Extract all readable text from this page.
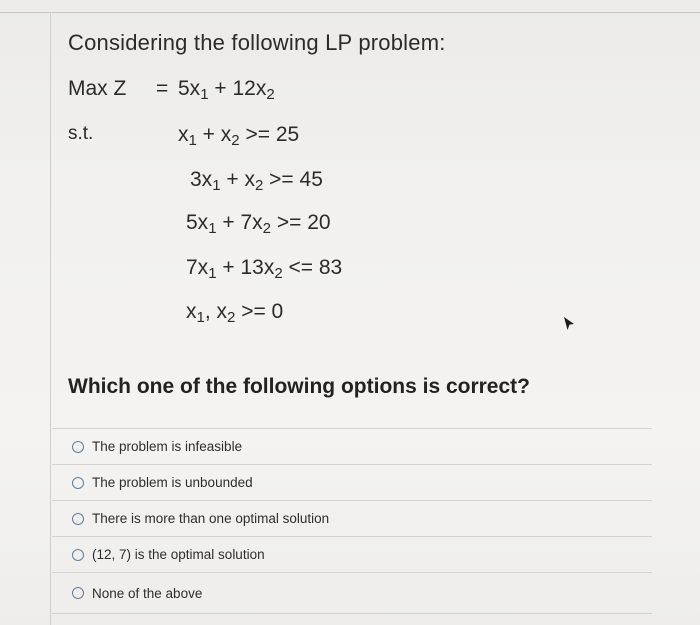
Considering the following LP problem:
Max $Z = 5x_1 + 12x_2$
s.t.	$x_1 + x_2 >= 25$
$3x_1 + x_2 >= 45$
$5x_1 + 7x_2 >= 20$
$7x_1 + 13x_2 <= 83$
$x_1$, $x_2 >= 0$
Which one of the following options is correct?
The problem is infeasible
The problem is unbounded
There is more than one optimal solution
(12, 7) is the optimal solution
None of the above
